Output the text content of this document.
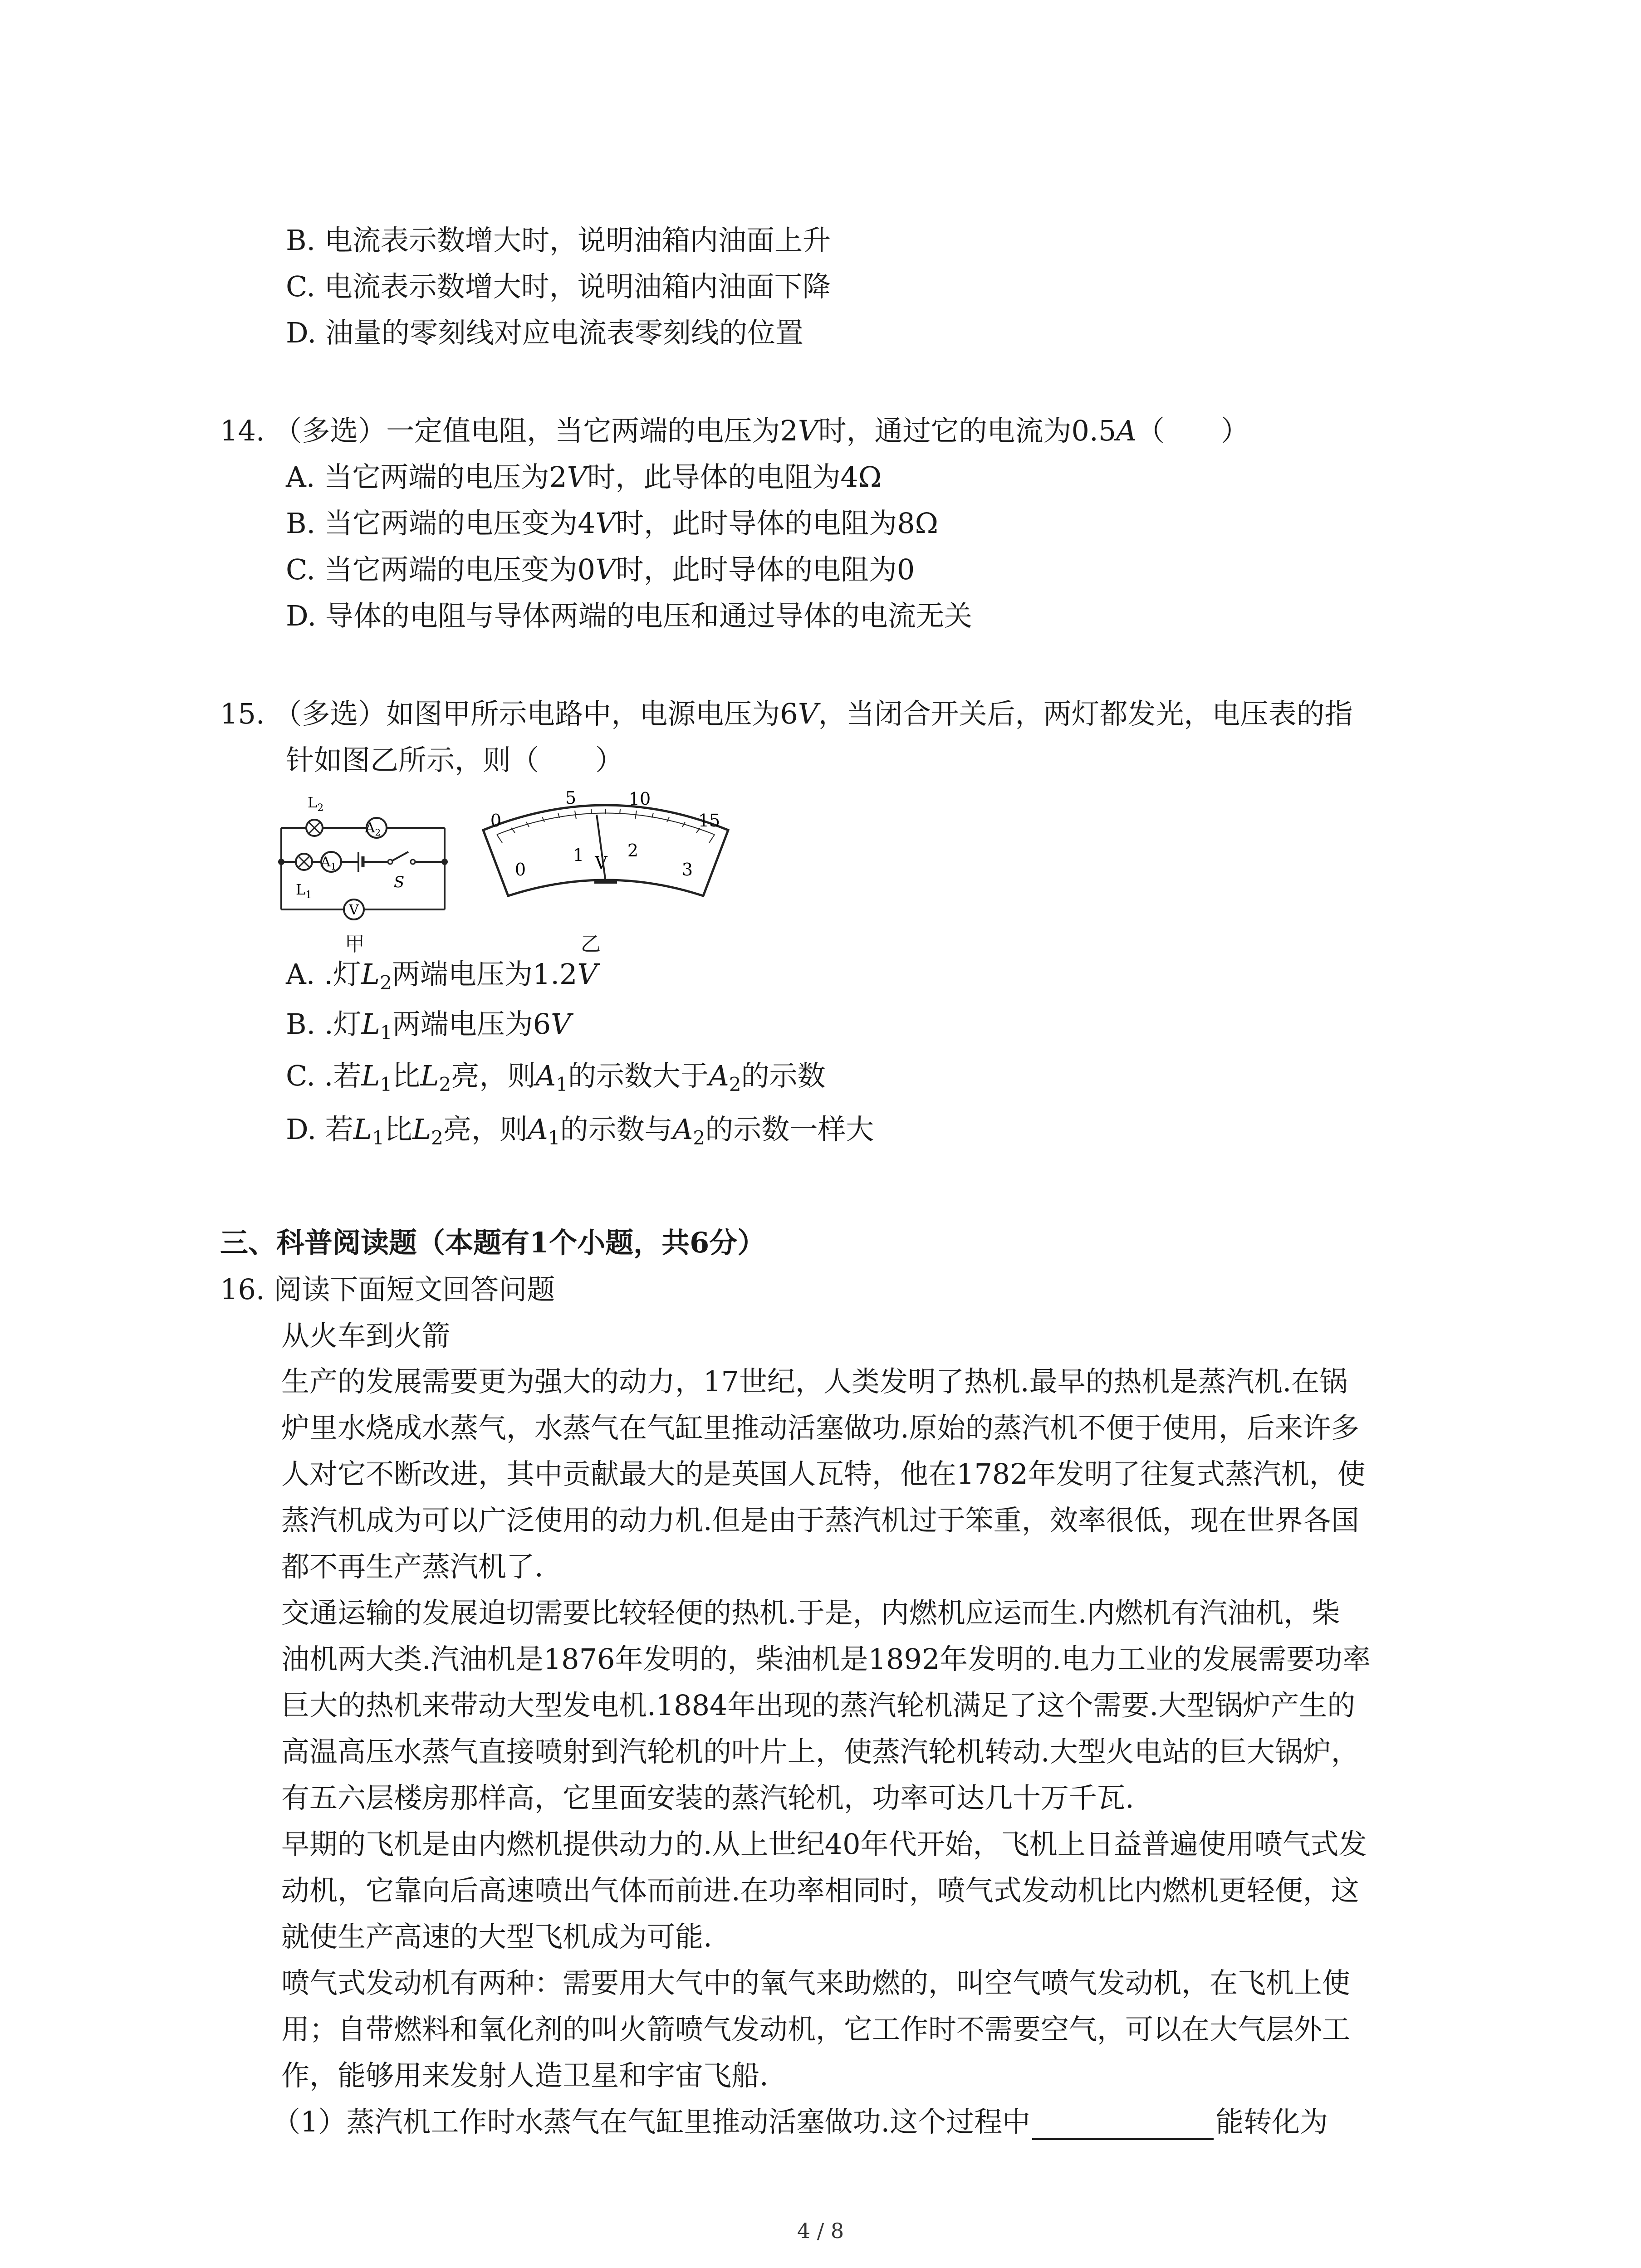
B. 电流表示数增大时，说明油箱内油面上升
C. 电流表示数增大时，说明油箱内油面下降
D. 油量的零刻线对应电流表零刻线的位置
14. （多选）一定值电阻，当它两端的电压为2V时，通过它的电流为0.5A（　　）
A. 当它两端的电压为2V时，此导体的电阻为4Ω
B. 当它两端的电压变为4V时，此时导体的电阻为8Ω
C. 当它两端的电压变为0V时，此时导体的电阻为0
D. 导体的电阻与导体两端的电压和通过导体的电流无关
15. （多选）如图甲所示电路中，电源电压为6V，当闭合开关后，两灯都发光，电压表的指
针如图乙所示，则（　　）
$A_2$
$A_1$
V
$L_2$
$L_1$
S
甲
0
5	10
15
0
1	2
3
V
乙
A. .灯$L_2$两端电压为1.2V
B. .灯$L_1$两端电压为6V
C. .若$L_1$比$L_2$亮，则$A_1$的示数大于$A_2$的示数
D. 若$L_1$比$L_2$亮，则$A_1$的示数与$A_2$的示数一样大
三、科普阅读题（本题有1个小题，共6分）
16. 阅读下面短文回答问题
从火车到火箭
生产的发展需要更为强大的动力，17世纪，人类发明了热机.最早的热机是蒸汽机.在锅
炉里水烧成水蒸气，水蒸气在气缸里推动活塞做功.原始的蒸汽机不便于使用，后来许多
人对它不断改进，其中贡献最大的是英国人瓦特，他在1782年发明了往复式蒸汽机，使
蒸汽机成为可以广泛使用的动力机.但是由于蒸汽机过于笨重，效率很低，现在世界各国
都不再生产蒸汽机了.
交通运输的发展迫切需要比较轻便的热机.于是，内燃机应运而生.内燃机有汽油机，柴
油机两大类.汽油机是1876年发明的，柴油机是1892年发明的.电力工业的发展需要功率
巨大的热机来带动大型发电机.1884年出现的蒸汽轮机满足了这个需要.大型锅炉产生的
高温高压水蒸气直接喷射到汽轮机的叶片上，使蒸汽轮机转动.大型火电站的巨大锅炉，
有五六层楼房那样高，它里面安装的蒸汽轮机，功率可达几十万千瓦.
早期的飞机是由内燃机提供动力的.从上世纪40年代开始，飞机上日益普遍使用喷气式发
动机，它靠向后高速喷出气体而前进.在功率相同时，喷气式发动机比内燃机更轻便，这
就使生产高速的大型飞机成为可能.
喷气式发动机有两种：需要用大气中的氧气来助燃的，叫空气喷气发动机，在飞机上使
用；自带燃料和氧化剂的叫火箭喷气发动机，它工作时不需要空气，可以在大气层外工
作，能够用来发射人造卫星和宇宙飞船.
（1）蒸汽机工作时水蒸气在气缸里推动活塞做功.这个过程中	能转化为
4 / 8
